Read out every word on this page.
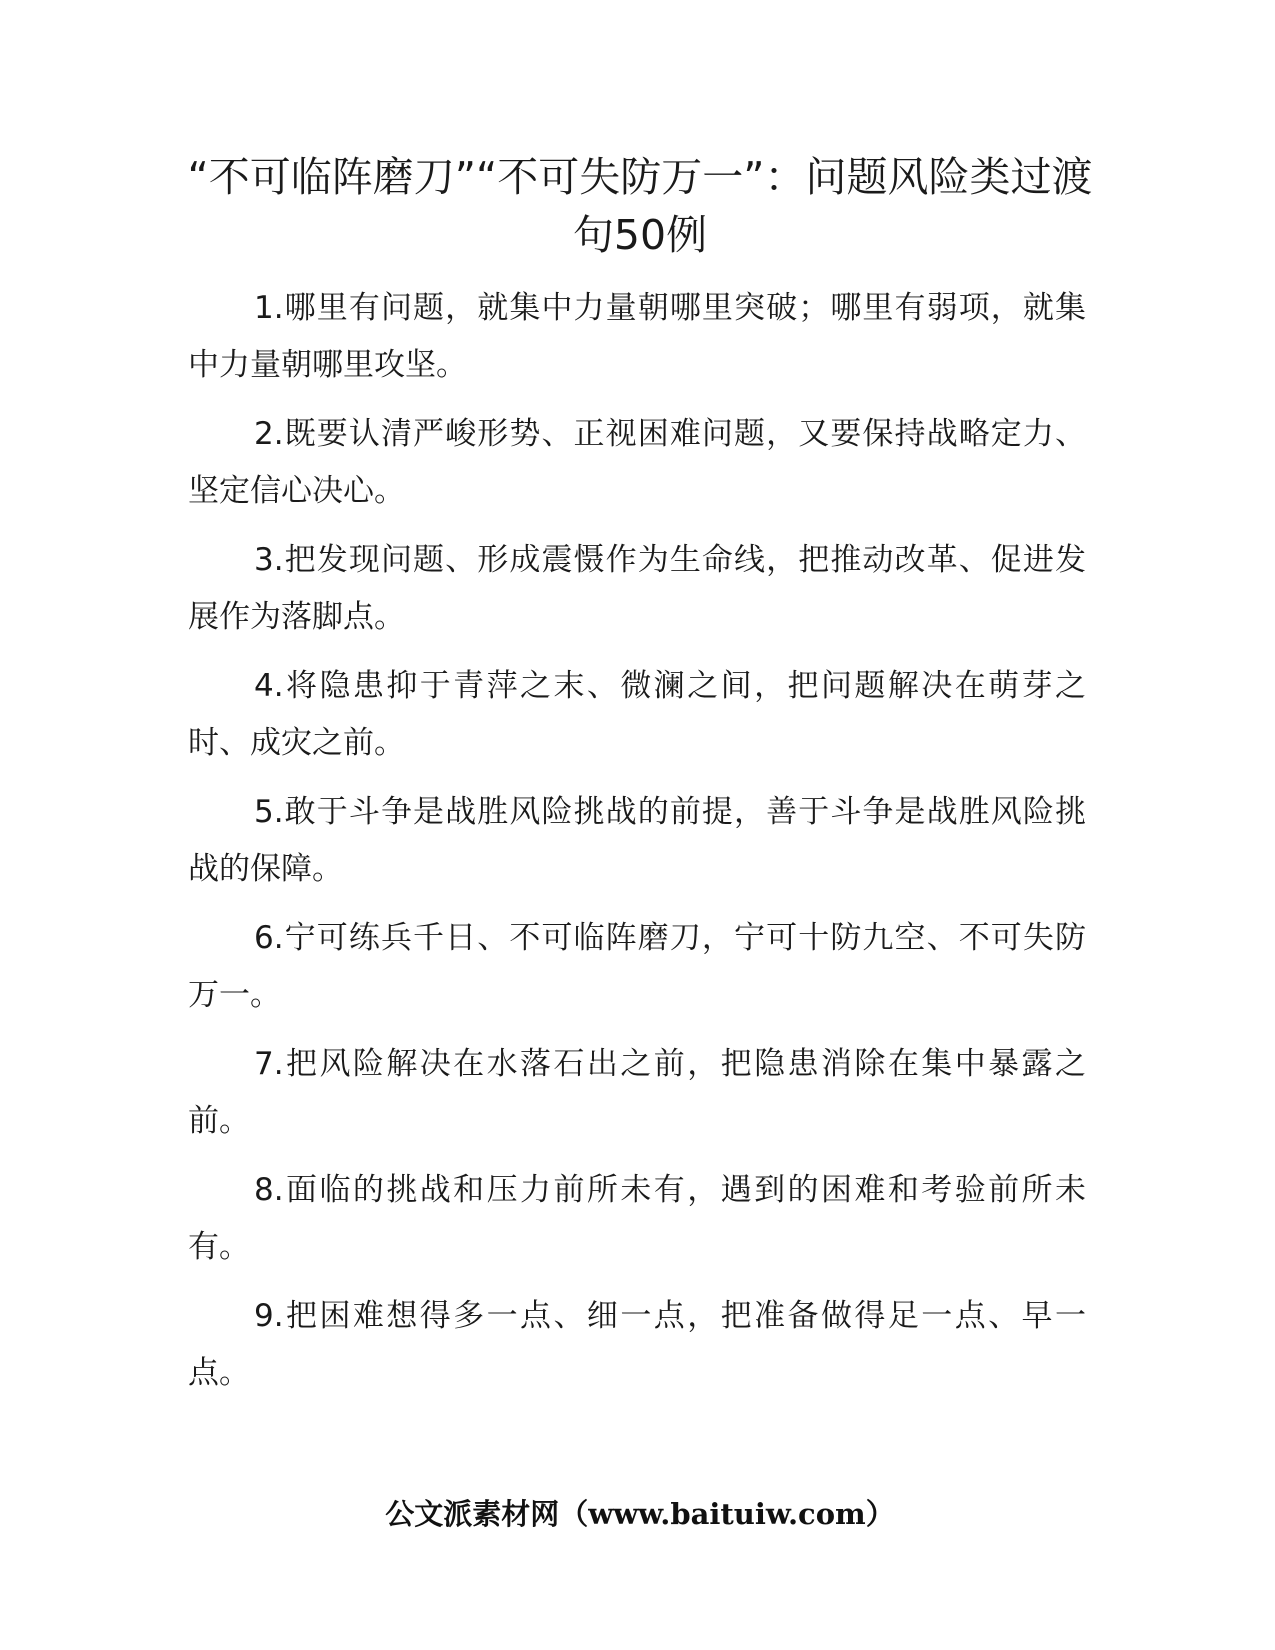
“不可临阵磨刀”“不可失防万一”：问题风险类过渡句50例

1.哪里有问题，就集中力量朝哪里突破；哪里有弱项，就集中力量朝哪里攻坚。

2.既要认清严峻形势、正视困难问题，又要保持战略定力、坚定信心决心。

3.把发现问题、形成震慑作为生命线，把推动改革、促进发展作为落脚点。

4.将隐患抑于青萍之末、微澜之间，把问题解决在萌芽之时、成灾之前。

5.敢于斗争是战胜风险挑战的前提，善于斗争是战胜风险挑战的保障。

6.宁可练兵千日、不可临阵磨刀，宁可十防九空、不可失防万一。

7.把风险解决在水落石出之前，把隐患消除在集中暴露之前。

8.面临的挑战和压力前所未有，遇到的困难和考验前所未有。

9.把困难想得多一点、细一点，把准备做得足一点、早一点。

公文派素材网（www.baituiw.com）
